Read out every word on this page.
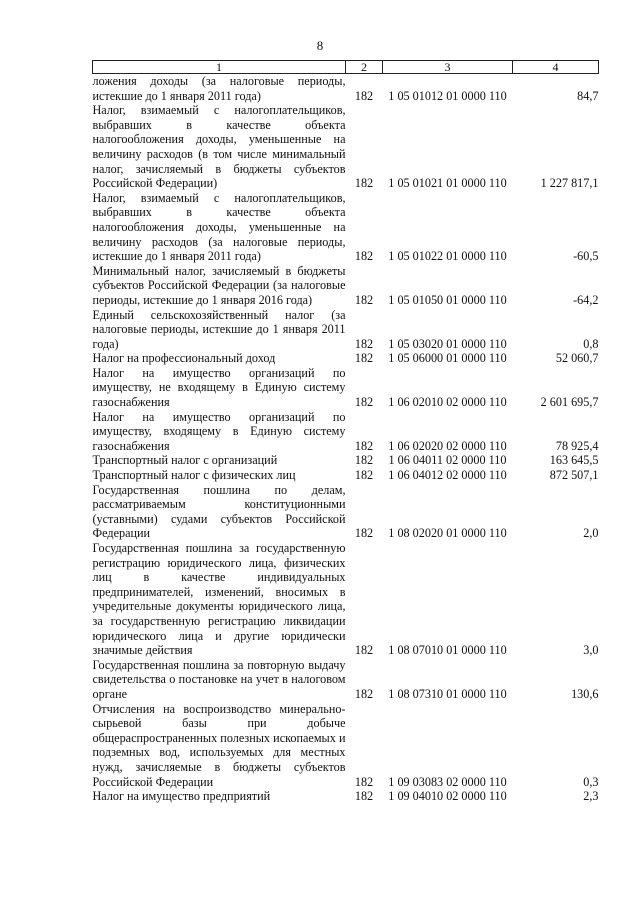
8
1	2	3	4
ложения доходы (за налоговые периоды, истекшие до 1 января 2011 года)	182	1 05 01012 01 0000 110	84,7
Налог, взимаемый с налогоплательщиков, выбравших в качестве объекта налогообложения доходы, уменьшенные на величину расходов (в том числе минимальный налог, зачисляемый в бюджеты субъектов Российской Федерации)	182	1 05 01021 01 0000 110	1 227 817,1
Налог, взимаемый с налогоплательщиков, выбравших в качестве объекта налогообложения доходы, уменьшенные на величину расходов (за налоговые периоды, истекшие до 1 января 2011 года)	182	1 05 01022 01 0000 110	-60,5
Минимальный налог, зачисляемый в бюджеты субъектов Российской Федерации (за налоговые периоды, истекшие до 1 января 2016 года)	182	1 05 01050 01 0000 110	-64,2
Единый сельскохозяйственный налог (за налоговые периоды, истекшие до 1 января 2011 года)	182	1 05 03020 01 0000 110	0,8
Налог на профессиональный доход	182	1 05 06000 01 0000 110	52 060,7
Налог на имущество организаций по имуществу, не входящему в Единую систему газоснабжения	182	1 06 02010 02 0000 110	2 601 695,7
Налог на имущество организаций по имуществу, входящему в Единую систему газоснабжения	182	1 06 02020 02 0000 110	78 925,4
Транспортный налог с организаций	182	1 06 04011 02 0000 110	163 645,5
Транспортный налог с физических лиц	182	1 06 04012 02 0000 110	872 507,1
Государственная пошлина по делам, рассматриваемым конституционными (уставными) судами субъектов Российской Федерации	182	1 08 02020 01 0000 110	2,0
Государственная пошлина за государственную регистрацию юридического лица, физических лиц в качестве индивидуальных предпринимателей, изменений, вносимых в учредительные документы юридического лица, за государственную регистрацию ликвидации юридического лица и другие юридически значимые действия	182	1 08 07010 01 0000 110	3,0
Государственная пошлина за повторную выдачу свидетельства о постановке на учет в налоговом органе	182	1 08 07310 01 0000 110	130,6
Отчисления на воспроизводство минерально-сырьевой базы при добыче общераспространенных полезных ископаемых и подземных вод, используемых для местных нужд, зачисляемые в бюджеты субъектов Российской Федерации	182	1 09 03083 02 0000 110	0,3
Налог на имущество предприятий	182	1 09 04010 02 0000 110	2,3
